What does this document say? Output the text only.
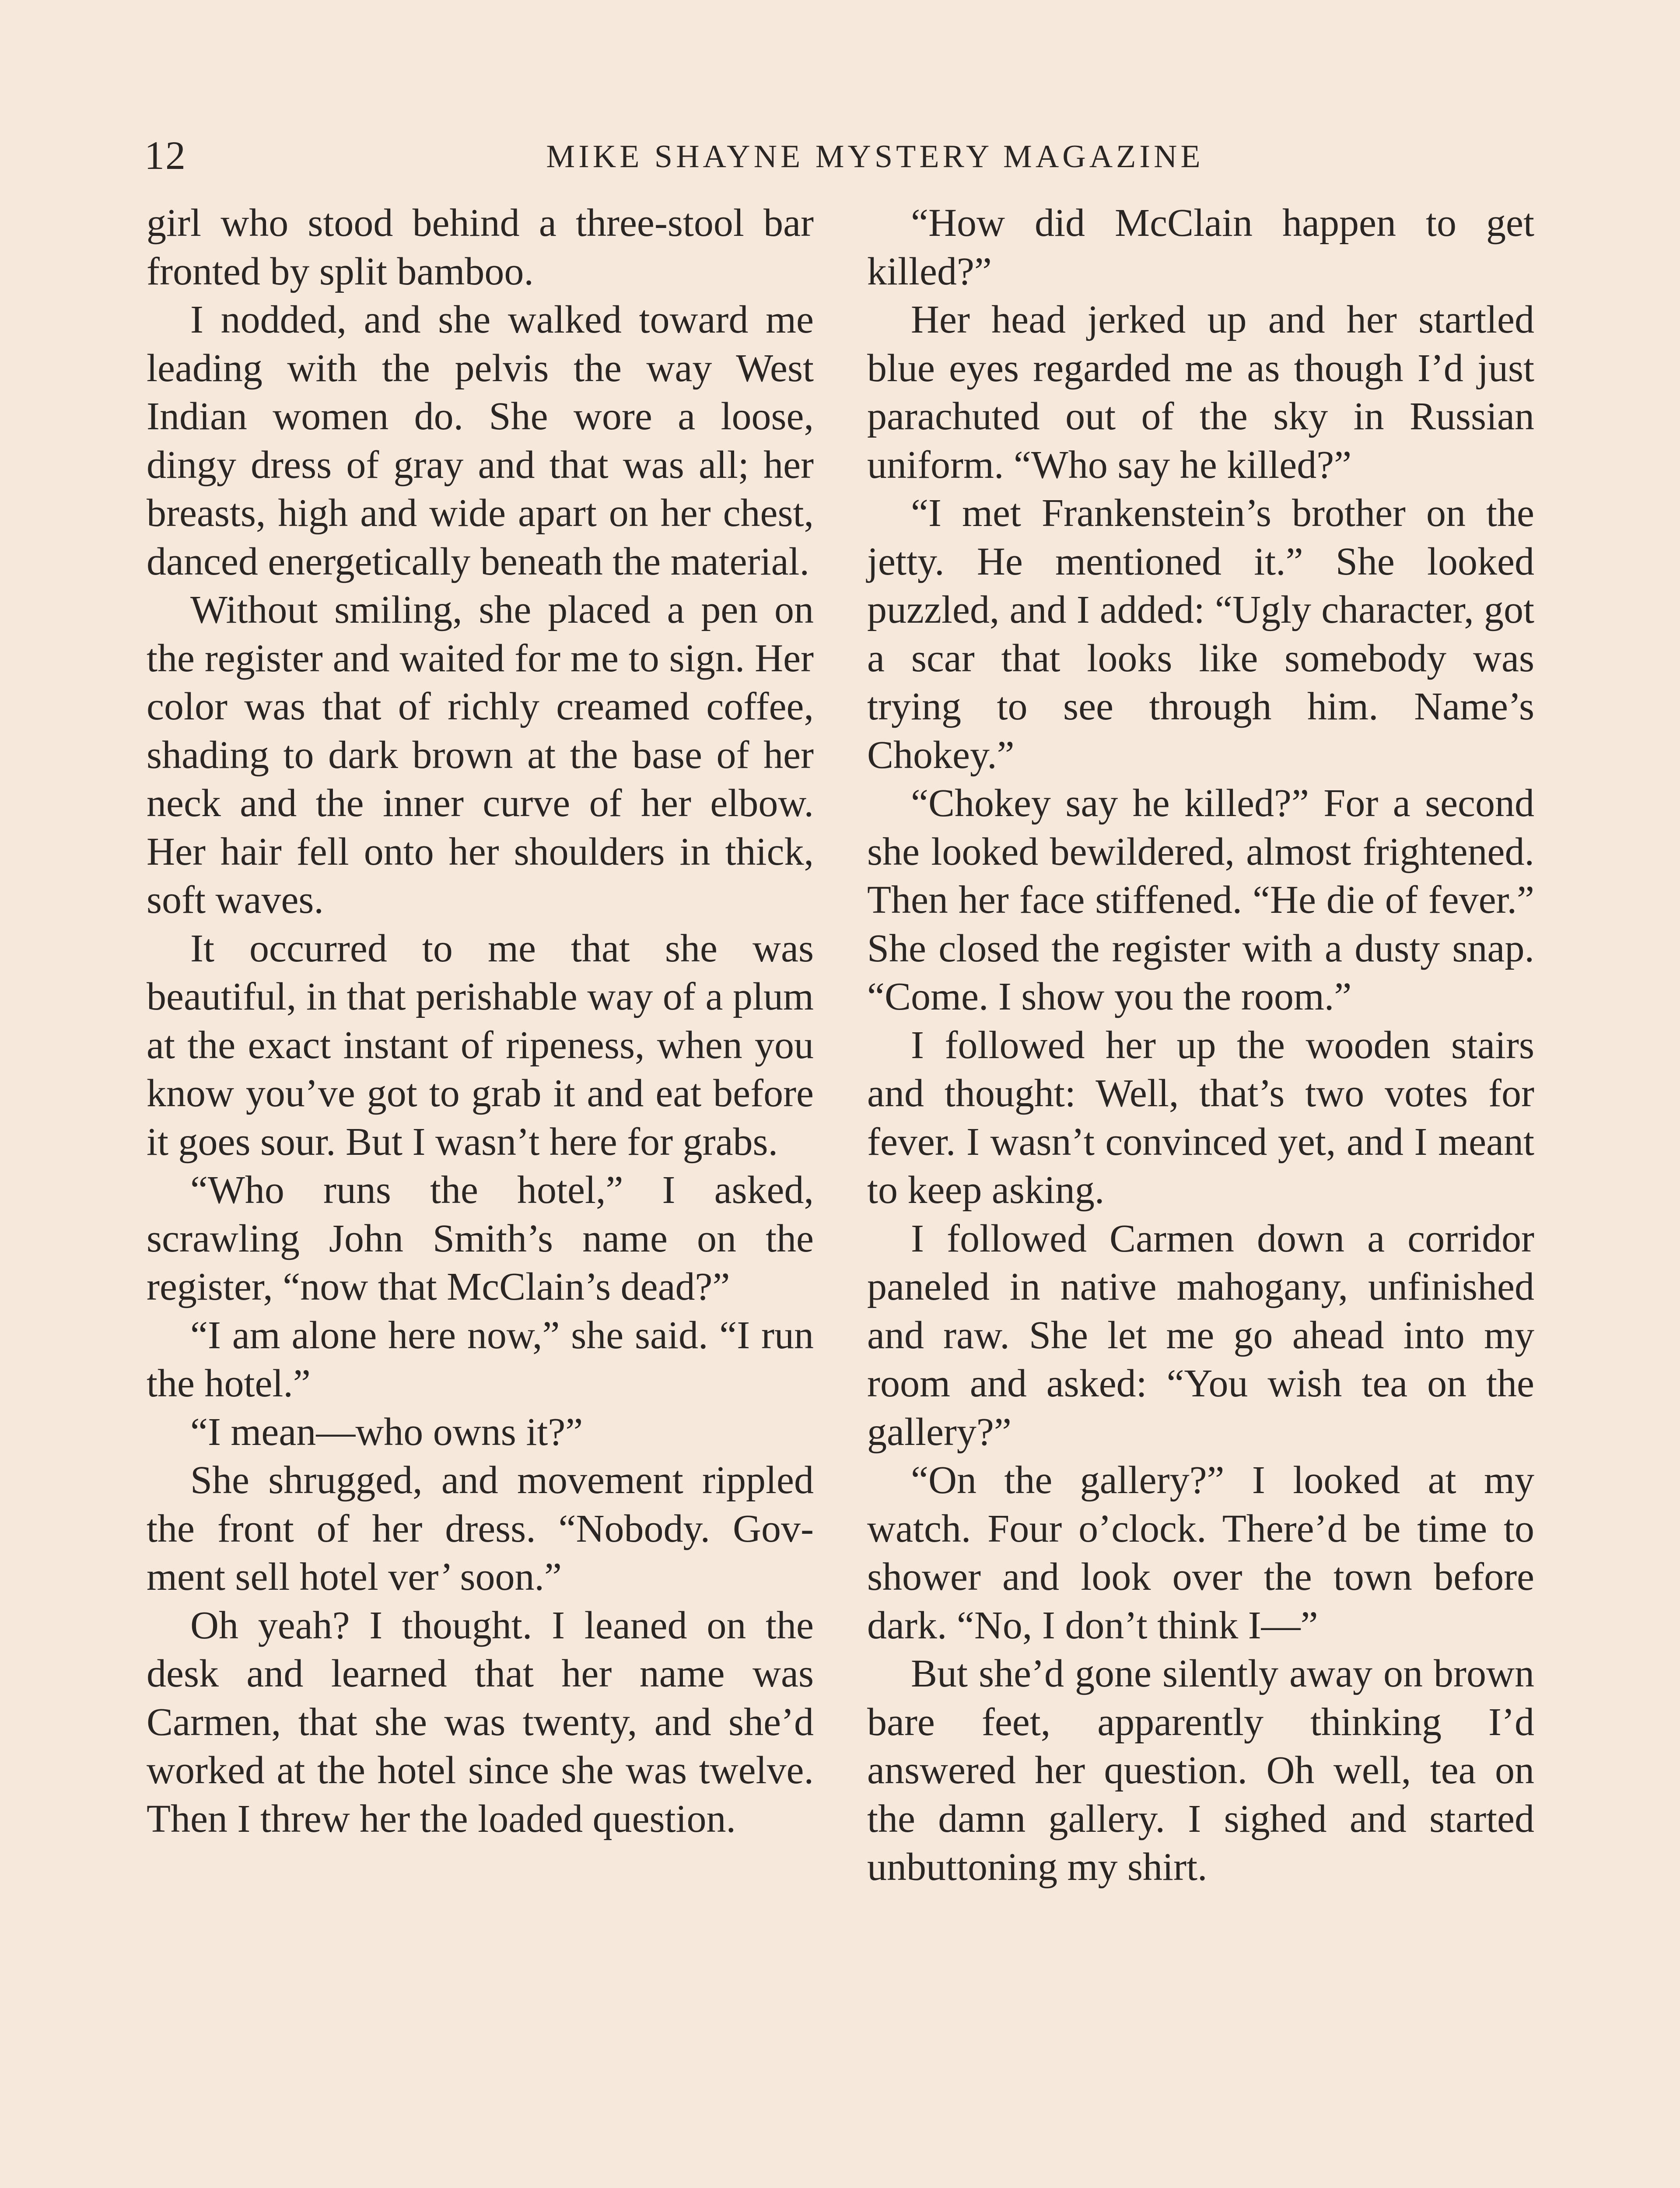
12	MIKE SHAYNE MYSTERY MAGAZINE

girl who stood behind a three-stool bar fronted by split bamboo.

I nodded, and she walked toward me leading with the pelvis the way West Indian women do. She wore a loose, dingy dress of gray and that was all; her breasts, high and wide apart on her chest, danced energetically beneath the material.

Without smiling, she placed a pen on the register and waited for me to sign. Her color was that of richly creamed coffee, shading to dark brown at the base of her neck and the inner curve of her elbow. Her hair fell onto her shoulders in thick, soft waves.

It occurred to me that she was beautiful, in that perishable way of a plum at the exact instant of ripeness, when you know you’ve got to grab it and eat before it goes sour. But I wasn’t here for grabs.

“Who runs the hotel,” I asked, scrawling John Smith’s name on the register, “now that McClain’s dead?”

“I am alone here now,” she said. “I run the hotel.”

“I mean—who owns it?”

She shrugged, and movement rippled the front of her dress. “Nobody. Gov-ment sell hotel ver’ soon.”

Oh yeah? I thought. I leaned on the desk and learned that her name was Carmen, that she was twenty, and she’d worked at the hotel since she was twelve. Then I threw her the loaded question.

“How did McClain happen to get killed?”

Her head jerked up and her startled blue eyes regarded me as though I’d just parachuted out of the sky in Russian uniform. “Who say he killed?”

“I met Frankenstein’s brother on the jetty. He mentioned it.” She looked puzzled, and I added: “Ugly character, got a scar that looks like somebody was trying to see through him. Name’s Chokey.”

“Chokey say he killed?” For a second she looked bewildered, almost frightened. Then her face stiffened. “He die of fever.” She closed the register with a dusty snap. “Come. I show you the room.”

I followed her up the wooden stairs and thought: Well, that’s two votes for fever. I wasn’t convinced yet, and I meant to keep asking.

I followed Carmen down a corridor paneled in native mahogany, unfinished and raw. She let me go ahead into my room and asked: “You wish tea on the gallery?”

“On the gallery?” I looked at my watch. Four o’clock. There’d be time to shower and look over the town before dark. “No, I don’t think I—”

But she’d gone silently away on brown bare feet, apparently thinking I’d answered her question. Oh well, tea on the damn gallery. I sighed and started unbuttoning my shirt.
